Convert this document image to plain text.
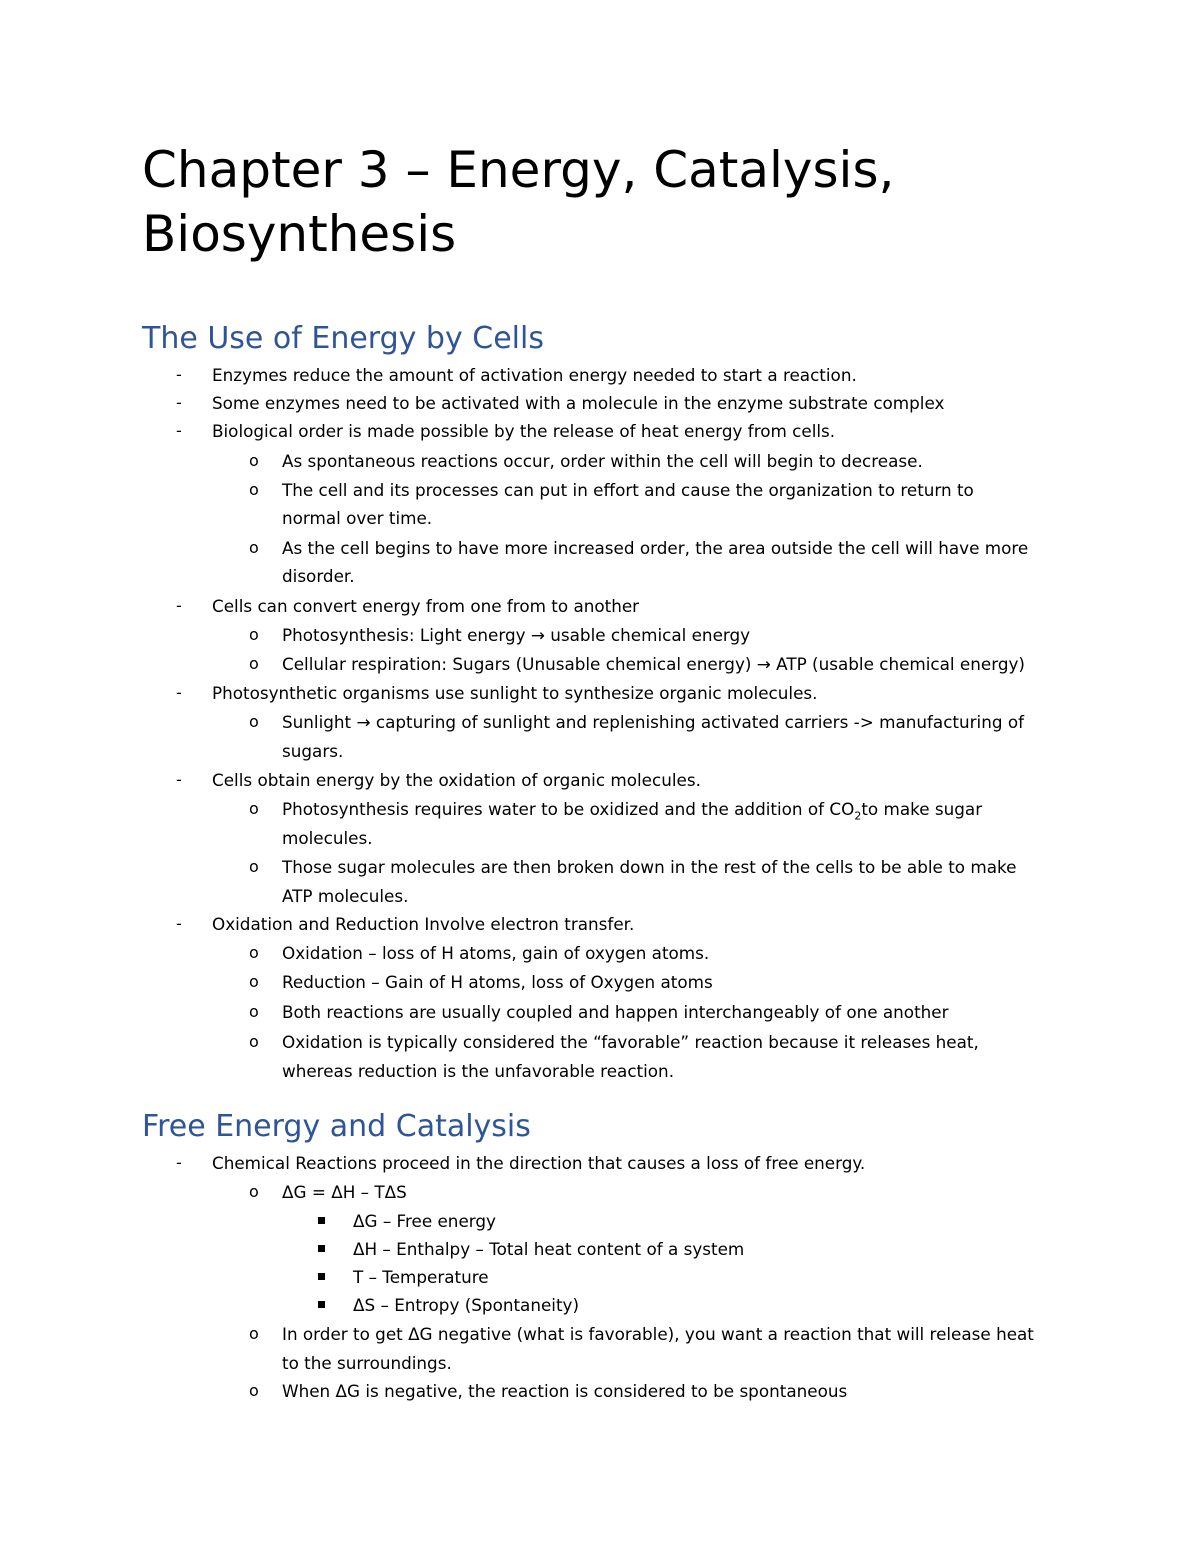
Chapter 3 – Energy, Catalysis, Biosynthesis
The Use of Energy by Cells
- Enzymes reduce the amount of activation energy needed to start a reaction.
- Some enzymes need to be activated with a molecule in the enzyme substrate complex
- Biological order is made possible by the release of heat energy from cells.
o As spontaneous reactions occur, order within the cell will begin to decrease.
o The cell and its processes can put in effort and cause the organization to return to
normal over time.
o As the cell begins to have more increased order, the area outside the cell will have more
disorder.
- Cells can convert energy from one from to another
o Photosynthesis: Light energy → usable chemical energy
o Cellular respiration: Sugars (Unusable chemical energy) → ATP (usable chemical energy)
- Photosynthetic organisms use sunlight to synthesize organic molecules.
o Sunlight → capturing of sunlight and replenishing activated carriers -> manufacturing of
sugars.
- Cells obtain energy by the oxidation of organic molecules.
o Photosynthesis requires water to be oxidized and the addition of $CO_2to$ make sugar
molecules.
o Those sugar molecules are then broken down in the rest of the cells to be able to make
ATP molecules.
- Oxidation and Reduction Involve electron transfer.
o Oxidation – loss of H atoms, gain of oxygen atoms.
o Reduction – Gain of H atoms, loss of Oxygen atoms
o Both reactions are usually coupled and happen interchangeably of one another
o Oxidation is typically considered the “favorable” reaction because it releases heat,
whereas reduction is the unfavorable reaction.
Free Energy and Catalysis
- Chemical Reactions proceed in the direction that causes a loss of free energy.
o ΔG = ΔH – TΔS
ΔG – Free energy
ΔH – Enthalpy – Total heat content of a system
T – Temperature
ΔS – Entropy (Spontaneity)
o In order to get ΔG negative (what is favorable), you want a reaction that will release heat
to the surroundings.
o When ΔG is negative, the reaction is considered to be spontaneous
